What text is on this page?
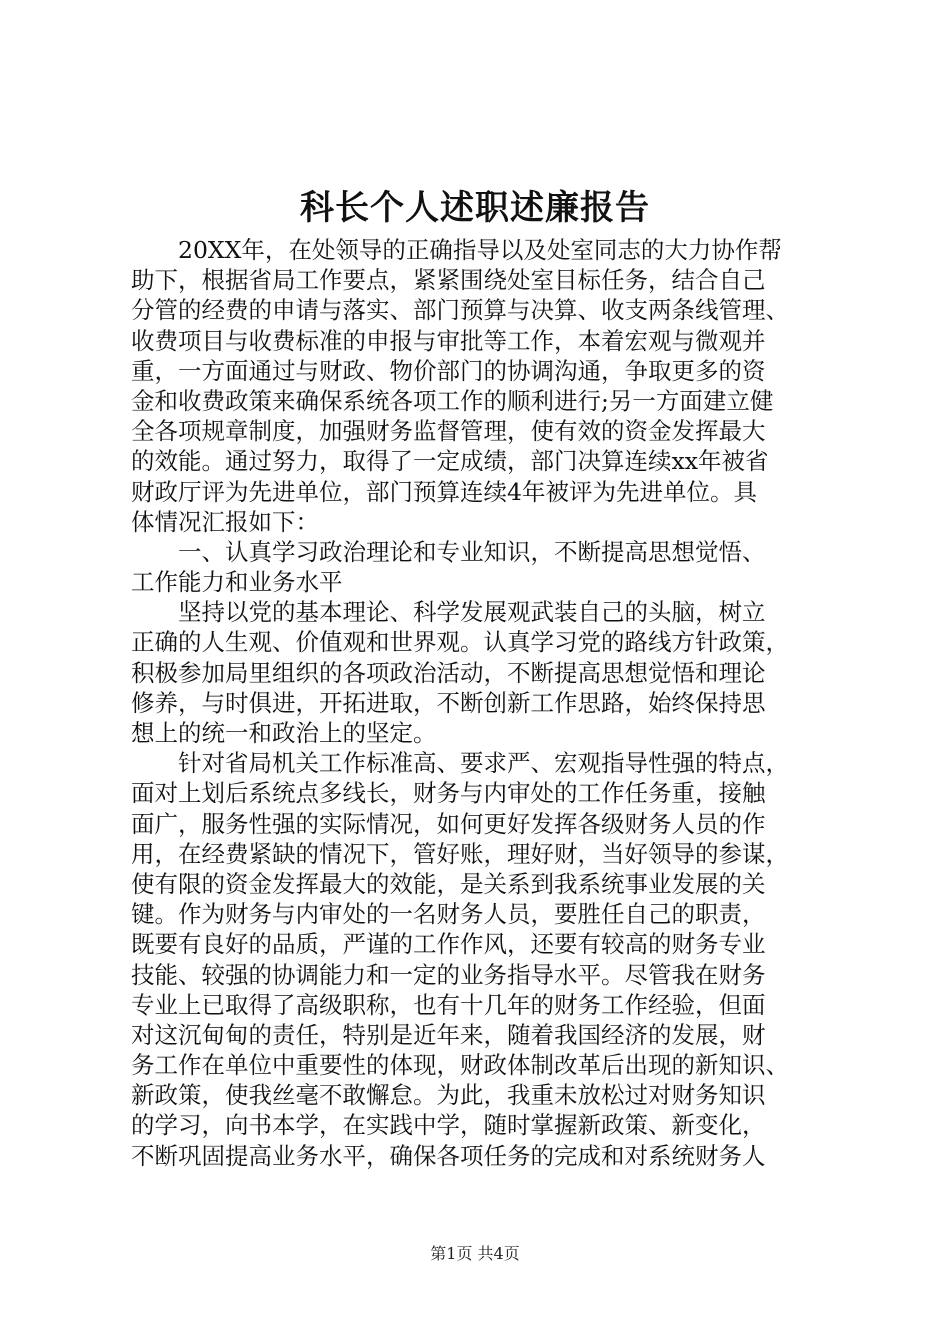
科长个人述职述廉报告
20XX年，在处领导的正确指导以及处室同志的大力协作帮
助下，根据省局工作要点，紧紧围绕处室目标任务，结合自己
分管的经费的申请与落实、部门预算与决算、收支两条线管理、
收费项目与收费标准的申报与审批等工作，本着宏观与微观并
重，一方面通过与财政、物价部门的协调沟通，争取更多的资
金和收费政策来确保系统各项工作的顺利进行;另一方面建立健
全各项规章制度，加强财务监督管理，使有效的资金发挥最大
的效能。通过努力，取得了一定成绩，部门决算连续xx年被省
财政厅评为先进单位，部门预算连续4年被评为先进单位。具
体情况汇报如下：
一、认真学习政治理论和专业知识，不断提高思想觉悟、
工作能力和业务水平
坚持以党的基本理论、科学发展观武装自己的头脑，树立
正确的人生观、价值观和世界观。认真学习党的路线方针政策，
积极参加局里组织的各项政治活动，不断提高思想觉悟和理论
修养，与时俱进，开拓进取，不断创新工作思路，始终保持思
想上的统一和政治上的坚定。
针对省局机关工作标准高、要求严、宏观指导性强的特点，
面对上划后系统点多线长，财务与内审处的工作任务重，接触
面广，服务性强的实际情况，如何更好发挥各级财务人员的作
用，在经费紧缺的情况下，管好账，理好财，当好领导的参谋，
使有限的资金发挥最大的效能，是关系到我系统事业发展的关
键。作为财务与内审处的一名财务人员，要胜任自己的职责，
既要有良好的品质，严谨的工作作风，还要有较高的财务专业
技能、较强的协调能力和一定的业务指导水平。尽管我在财务
专业上已取得了高级职称，也有十几年的财务工作经验，但面
对这沉甸甸的责任，特别是近年来，随着我国经济的发展，财
务工作在单位中重要性的体现，财政体制改革后出现的新知识、
新政策，使我丝毫不敢懈怠。为此，我重未放松过对财务知识
的学习，向书本学，在实践中学，随时掌握新政策、新变化，
不断巩固提高业务水平，确保各项任务的完成和对系统财务人
第1页 共4页
